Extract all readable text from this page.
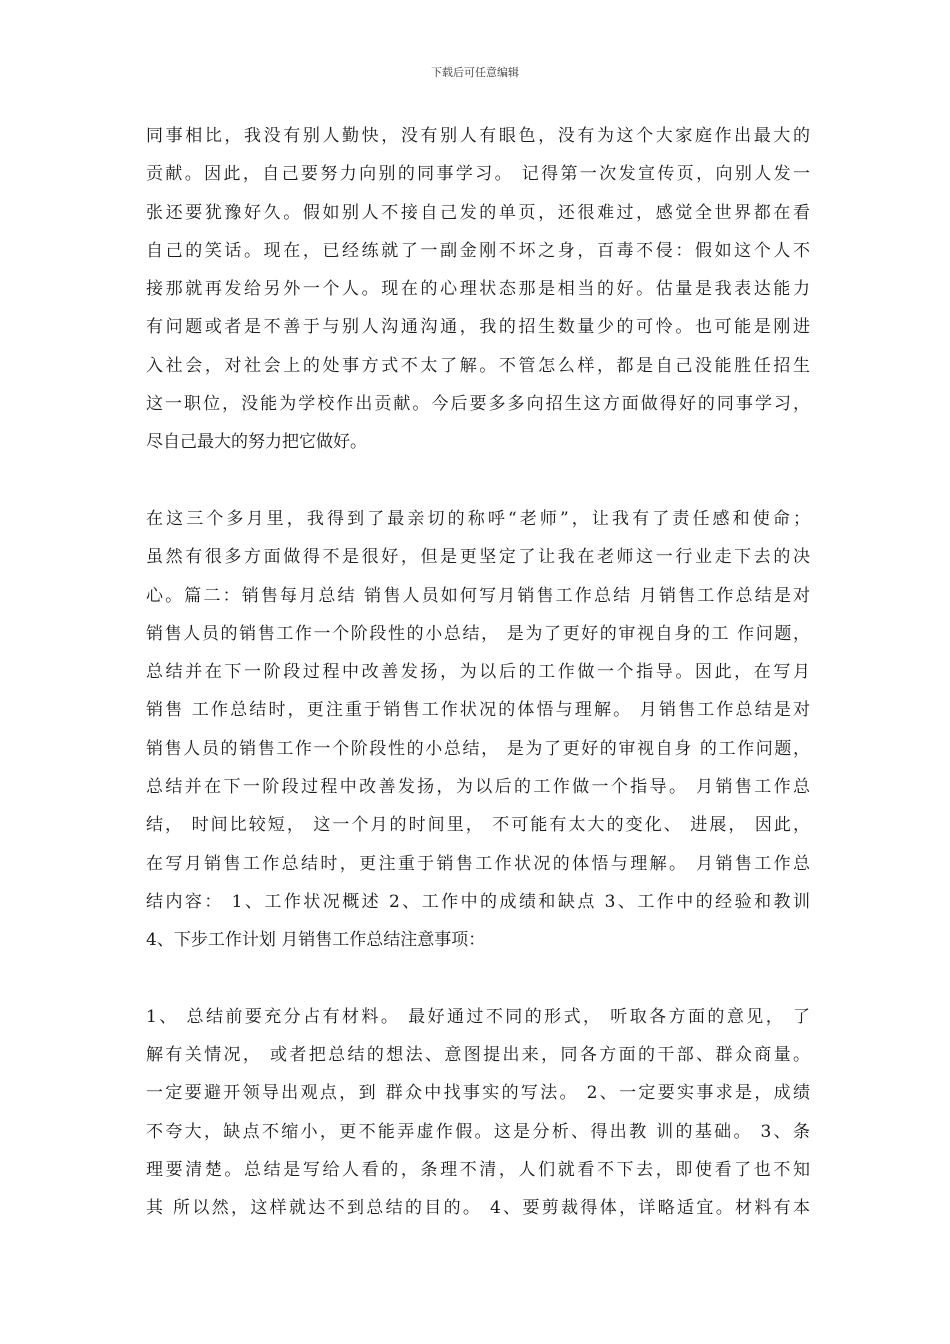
下载后可任意编辑
同事相比，我没有别人勤快，没有别人有眼色，没有为这个大家庭作出最大的
贡献。因此，自己要努力向别的同事学习。 记得第一次发宣传页，向别人发一
张还要犹豫好久。假如别人不接自己发的单页，还很难过，感觉全世界都在看
自己的笑话。现在，已经练就了一副金刚不坏之身，百毒不侵：假如这个人不
接那就再发给另外一个人。现在的心理状态那是相当的好。估量是我表达能力
有问题或者是不善于与别人沟通沟通，我的招生数量少的可怜。也可能是刚进
入社会，对社会上的处事方式不太了解。不管怎么样，都是自己没能胜任招生
这一职位，没能为学校作出贡献。今后要多多向招生这方面做得好的同事学习，
尽自己最大的努力把它做好。
在这三个多月里，我得到了最亲切的称呼“老师”，让我有了责任感和使命；
虽然有很多方面做得不是很好，但是更坚定了让我在老师这一行业走下去的决
心。篇二：销售每月总结 销售人员如何写月销售工作总结 月销售工作总结是对
销售人员的销售工作一个阶段性的小总结， 是为了更好的审视自身的工 作问题，
总结并在下一阶段过程中改善发扬，为以后的工作做一个指导。因此，在写月
销售 工作总结时，更注重于销售工作状况的体悟与理解。 月销售工作总结是对
销售人员的销售工作一个阶段性的小总结， 是为了更好的审视自身 的工作问题，
总结并在下一阶段过程中改善发扬，为以后的工作做一个指导。 月销售工作总
结， 时间比较短， 这一个月的时间里， 不可能有太大的变化、 进展， 因此，
在写月销售工作总结时，更注重于销售工作状况的体悟与理解。 月销售工作总
结内容： 1、工作状况概述 2、工作中的成绩和缺点 3、工作中的经验和教训
4、下步工作计划 月销售工作总结注意事项：
1、 总结前要充分占有材料。 最好通过不同的形式， 听取各方面的意见， 了
解有关情况， 或者把总结的想法、意图提出来，同各方面的干部、群众商量。
一定要避开领导出观点，到 群众中找事实的写法。 2、一定要实事求是，成绩
不夸大，缺点不缩小，更不能弄虚作假。这是分析、得出教 训的基础。 3、条
理要清楚。总结是写给人看的，条理不清，人们就看不下去，即使看了也不知
其 所以然，这样就达不到总结的目的。 4、要剪裁得体，详略适宜。材料有本
